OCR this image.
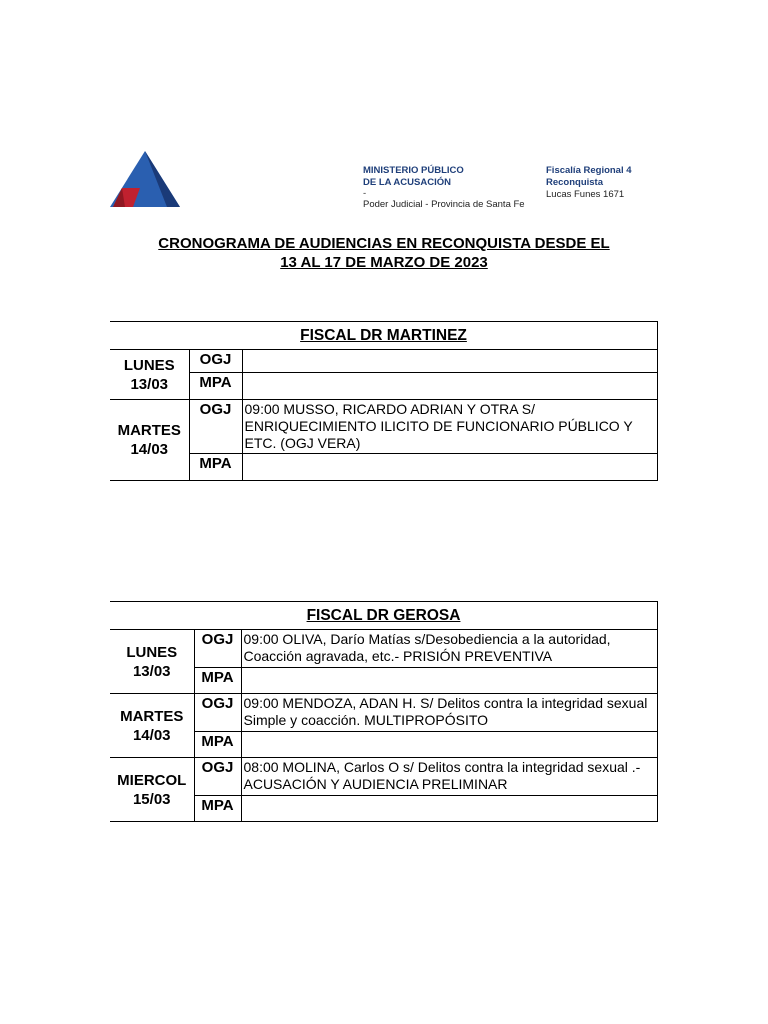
MINISTERIO PÚBLICO
DE LA ACUSACIÓN
-
Poder Judicial - Provincia de Santa Fe
Fiscalía Regional 4
Reconquista
Lucas Funes 1671
CRONOGRAMA DE AUDIENCIAS EN RECONQUISTA DESDE EL
13 AL 17 DE MARZO DE 2023
FISCAL DR MARTINEZ		

LUNES
13/03	OGJ	
	MPA	

MARTES
14/03	OGJ	09:00 MUSSO, RICARDO ADRIAN Y OTRA S/ ENRIQUECIMIENTO ILICITO DE FUNCIONARIO PÚBLICO Y ETC. (OGJ VERA)
	MPA	
FISCAL DR GEROSA		

LUNES
13/03	OGJ	09:00 OLIVA, Darío Matías s/Desobediencia a la autoridad, Coacción agravada, etc.- PRISIÓN PREVENTIVA
	MPA	

MARTES
14/03	OGJ	09:00 MENDOZA, ADAN H. S/ Delitos contra la integridad sexual Simple y coacción. MULTIPROPÓSITO
	MPA	

MIERCOL
15/03	OGJ	08:00 MOLINA, Carlos O s/ Delitos contra la integridad sexual .- ACUSACIÓN Y AUDIENCIA PRELIMINAR
	MPA	
